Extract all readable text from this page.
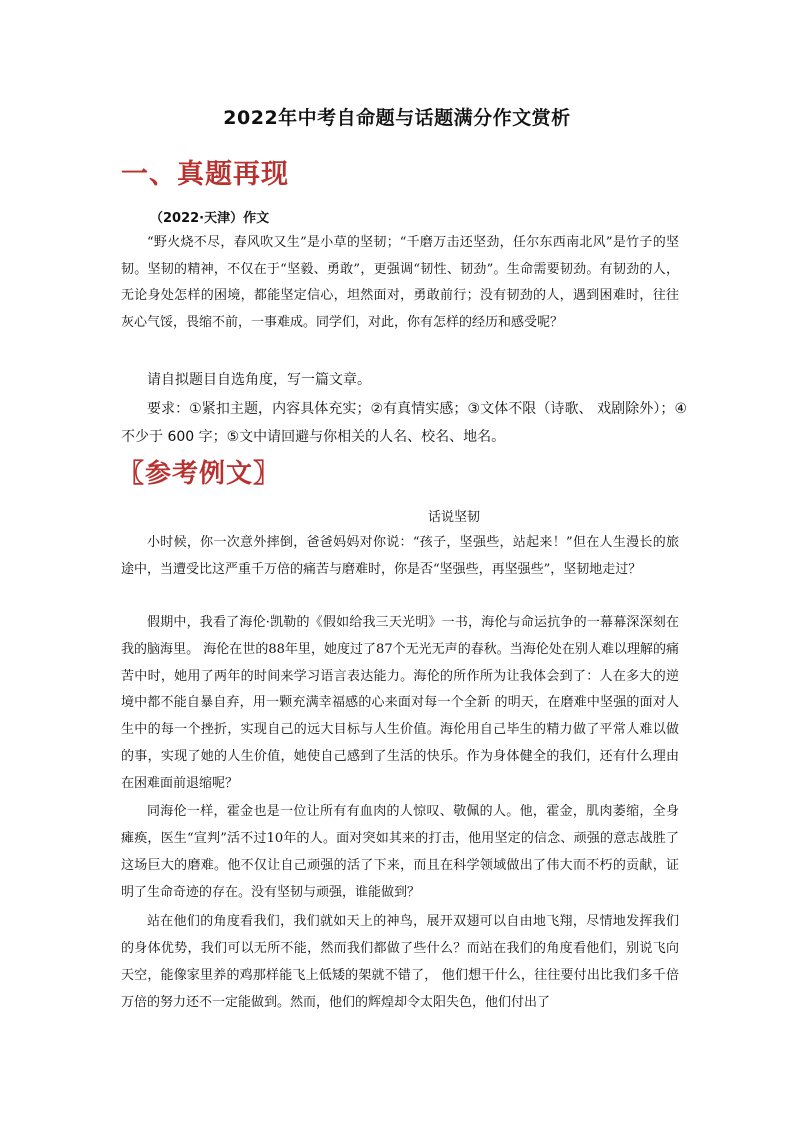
2022年中考自命题与话题满分作文赏析
一、真题再现
（2022·天津）作文

“野火烧不尽，春风吹又生”是小草的坚韧；“千磨万击还坚劲，任尔东西南北风”是竹子的坚韧。坚韧的精神，不仅在于“坚毅、勇敢”，更强调“韧性、韧劲”。生命需要韧劲。有韧劲的人，无论身处怎样的困境，都能坚定信心，坦然面对，勇敢前行；没有韧劲的人，遇到困难时，往往灰心气馁，畏缩不前，一事难成。同学们，对此，你有怎样的经历和感受呢？

请自拟题目自选角度，写一篇文章。

要求：①紧扣主题，内容具体充实；②有真情实感；③文体不限（诗歌、 戏剧除外）；④不少于 600 字；⑤文中请回避与你相关的人名、校名、地名。

〖参考例文〗
话说坚韧

小时候，你一次意外摔倒，爸爸妈妈对你说：“孩子，坚强些，站起来！”但在人生漫长的旅途中，当遭受比这严重千万倍的痛苦与磨难时，你是否“坚强些，再坚强些”，坚韧地走过？

假期中，我看了海伦·凯勒的《假如给我三天光明》一书，海伦与命运抗争的一幕幕深深刻在我的脑海里。 海伦在世的88年里，她度过了87个无光无声的春秋。当海伦处在别人难以理解的痛苦中时，她用了两年的时间来学习语言表达能力。海伦的所作所为让我体会到了：人在多大的逆境中都不能自暴自弃，用一颗充满幸福感的心来面对每一个全新 的明天，在磨难中坚强的面对人生中的每一个挫折，实现自己的远大目标与人生价值。海伦用自己毕生的精力做了平常人难以做的事，实现了她的人生价值，她使自己感到了生活的快乐。作为身体健全的我们，还有什么理由在困难面前退缩呢？

同海伦一样，霍金也是一位让所有有血肉的人惊叹、敬佩的人。他，霍金，肌肉萎缩，全身瘫痪，医生“宣判”活不过10年的人。面对突如其来的打击，他用坚定的信念、顽强的意志战胜了这场巨大的磨难。他不仅让自己顽强的活了下来，而且在科学领域做出了伟大而不朽的贡献，证明了生命奇迹的存在。没有坚韧与顽强，谁能做到？

站在他们的角度看我们，我们就如天上的神鸟，展开双翅可以自由地飞翔，尽情地发挥我们的身体优势，我们可以无所不能，然而我们都做了些什么？而站在我们的角度看他们，别说飞向天空，能像家里养的鸡那样能飞上低矮的架就不错了， 他们想干什么，往往要付出比我们多千倍万倍的努力还不一定能做到。然而，他们的辉煌却令太阳失色，他们付出了
